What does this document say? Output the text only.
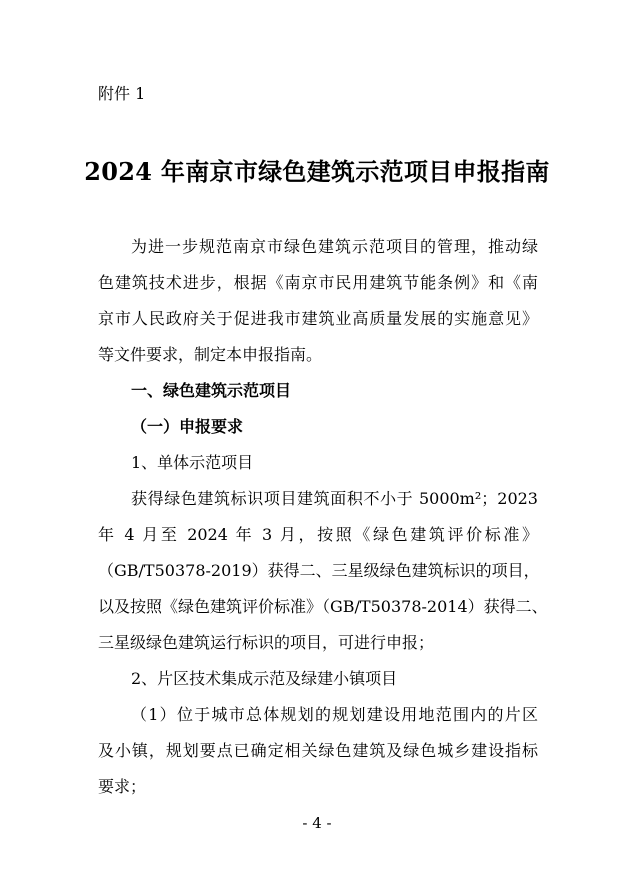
附件 1
2024 年南京市绿色建筑示范项目申报指南
为进一步规范南京市绿色建筑示范项目的管理，推动绿
色建筑技术进步，根据《南京市民用建筑节能条例》和《南
京市人民政府关于促进我市建筑业高质量发展的实施意见》
等文件要求，制定本申报指南。
一、绿色建筑示范项目
（一）申报要求
1、单体示范项目
获得绿色建筑标识项目建筑面积不小于 5000m²；2023
年 4 月至 2024 年 3 月，按照《绿色建筑评价标准》
（GB/T50378-2019）获得二、三星级绿色建筑标识的项目，
以及按照《绿色建筑评价标准》（GB/T50378-2014）获得二、
三星级绿色建筑运行标识的项目，可进行申报；
2、片区技术集成示范及绿建小镇项目
（1）位于城市总体规划的规划建设用地范围内的片区
及小镇，规划要点已确定相关绿色建筑及绿色城乡建设指标
要求；
- 4 -
